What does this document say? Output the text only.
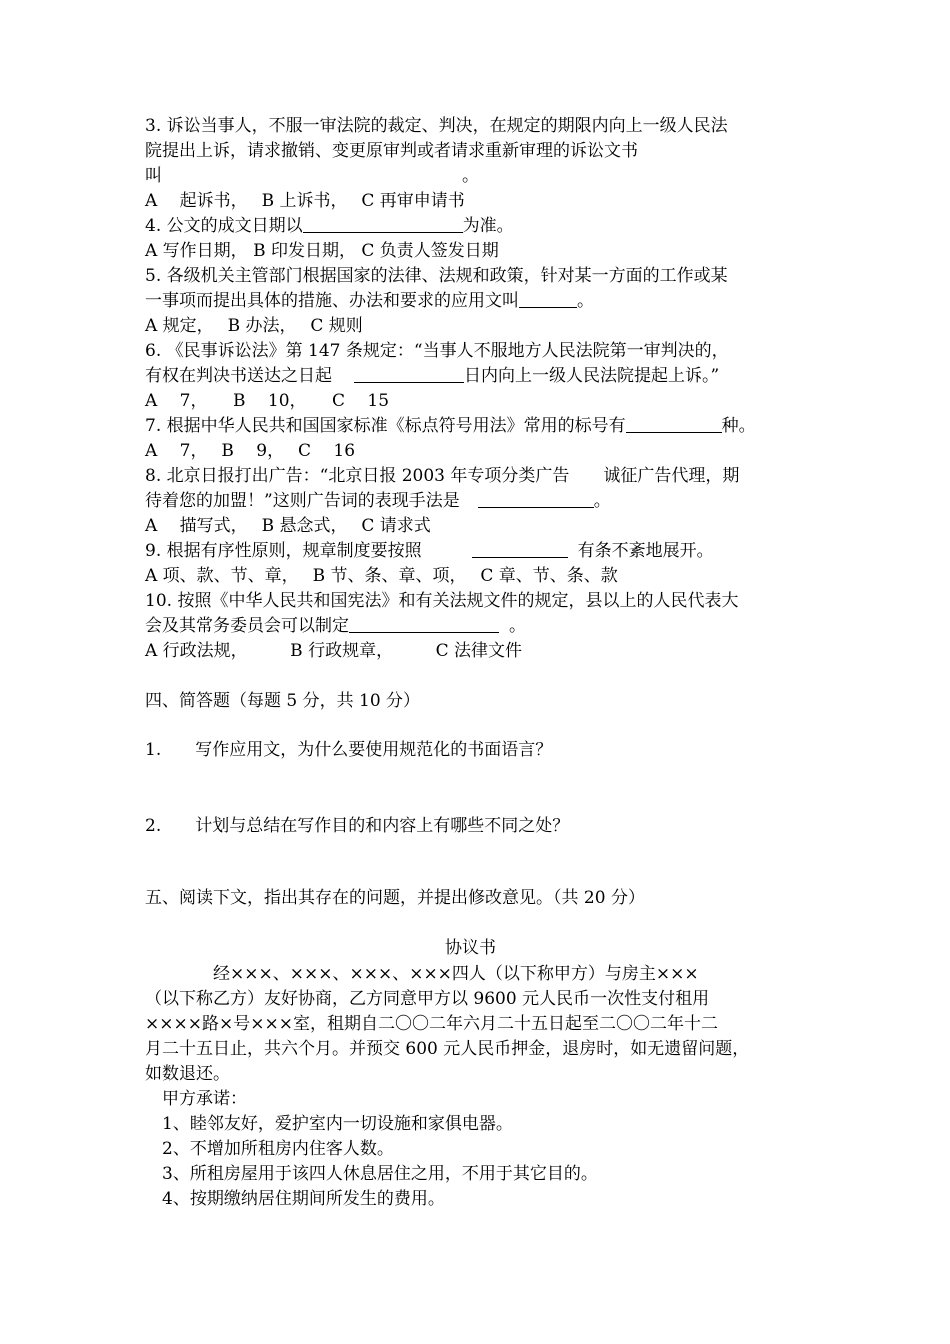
3. 诉讼当事人，不服一审法院的裁定、判决，在规定的期限内向上一级人民法
院提出上诉，请求撤销、变更原审判或者请求重新审理的诉讼文书
叫	。
A　 起诉书，　 B 上诉书，　 C 再审申请书
4. 公文的成文日期以	为准。
A 写作日期， B 印发日期， C 负责人签发日期
5. 各级机关主管部门根据国家的法律、法规和政策，针对某一方面的工作或某
一事项而提出具体的措施、办法和要求的应用文叫	。
A 规定，　 B 办法，　 C 规则
6. 《民事诉讼法》第 147 条规定：“当事人不服地方人民法院第一审判决的，
有权在判决书送达之日起	日内向上一级人民法院提起上诉。”
A　 7，　　B　 10，　　C　 15
7. 根据中华人民共和国国家标准《标点符号用法》常用的标号有	种。
A　 7，　 B　 9，　 C　 16
8. 北京日报打出广告：“北京日报 2003 年专项分类广告　　诚征广告代理，期
待着您的加盟！”这则广告词的表现手法是	。
A　 描写式，　 B 悬念式，　 C 请求式
9. 根据有序性原则，规章制度要按照	有条不紊地展开。
A 项、款、节、章，　 B 节、条、章、项，　 C 章、节、条、款
10. 按照《中华人民共和国宪法》和有关法规文件的规定，县以上的人民代表大
会及其常务委员会可以制定	。
A 行政法规，　　　B 行政规章，　　　C 法律文件
四、简答题（每题 5 分，共 10 分）
1.　　写作应用文，为什么要使用规范化的书面语言？
2.　　计划与总结在写作目的和内容上有哪些不同之处？
五、阅读下文，指出其存在的问题，并提出修改意见。（共 20 分）
协议书
　　　　经×××、×××、×××、×××四人（以下称甲方）与房主×××
（以下称乙方）友好协商，乙方同意甲方以 9600 元人民币一次性支付租用
××××路×号×××室，租期自二〇〇二年六月二十五日起至二〇〇二年十二
月二十五日止，共六个月。并预交 600 元人民币押金，退房时，如无遗留问题，
如数退还。
　甲方承诺：
　1、睦邻友好，爱护室内一切设施和家俱电器。
　2、不增加所租房内住客人数。
　3、所租房屋用于该四人休息居住之用，不用于其它目的。
　4、按期缴纳居住期间所发生的费用。
